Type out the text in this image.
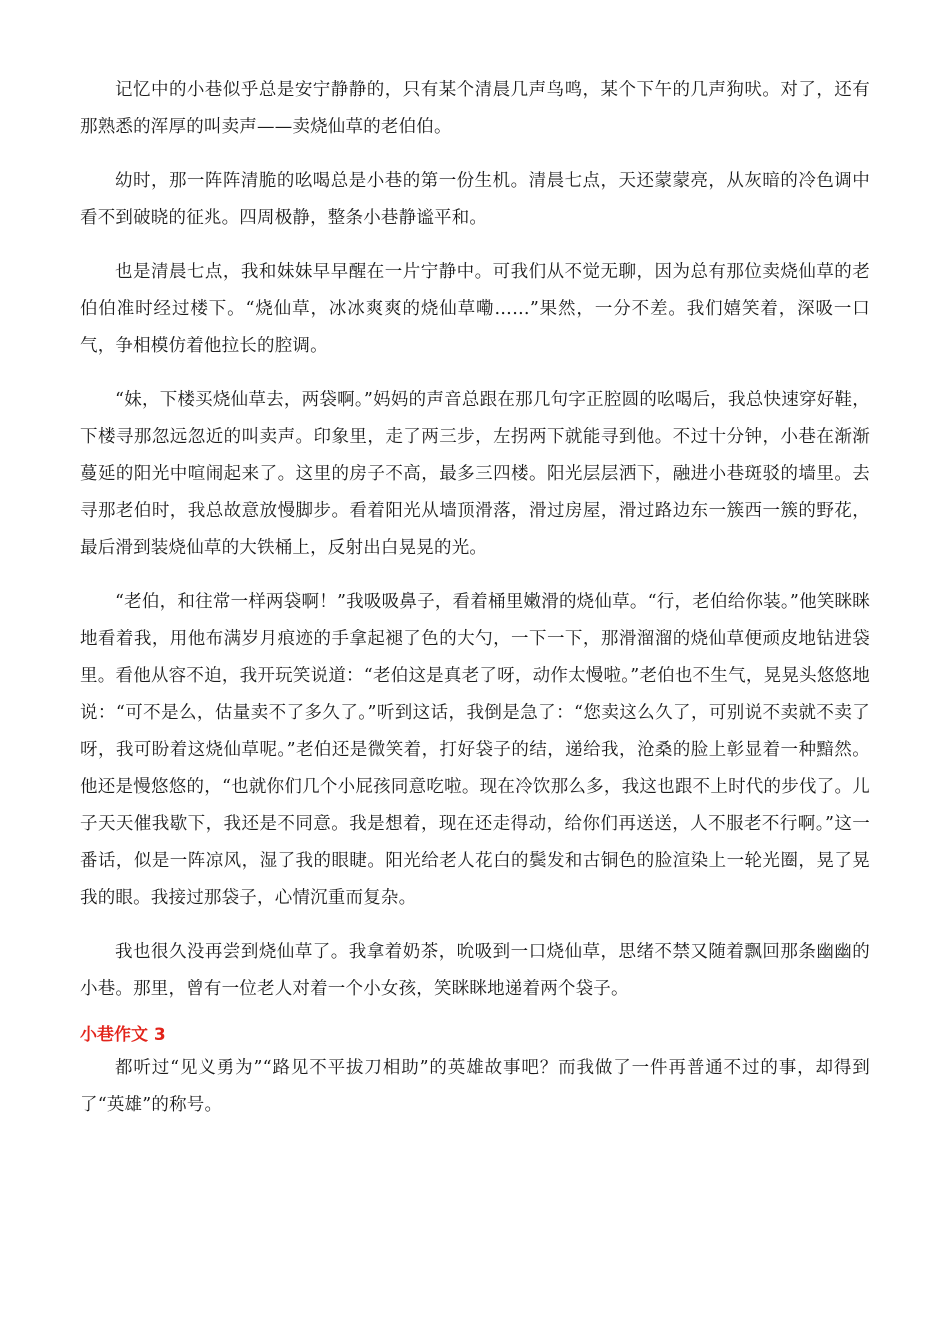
记忆中的小巷似乎总是安宁静静的，只有某个清晨几声鸟鸣，某个下午的几声狗吠。对了，还有那熟悉的浑厚的叫卖声——卖烧仙草的老伯伯。

幼时，那一阵阵清脆的吆喝总是小巷的第一份生机。清晨七点，天还蒙蒙亮，从灰暗的冷色调中看不到破晓的征兆。四周极静，整条小巷静谧平和。

也是清晨七点，我和妹妹早早醒在一片宁静中。可我们从不觉无聊，因为总有那位卖烧仙草的老伯伯准时经过楼下。“烧仙草，冰冰爽爽的烧仙草嘞……”果然，一分不差。我们嬉笑着，深吸一口气，争相模仿着他拉长的腔调。

“妹，下楼买烧仙草去，两袋啊。”妈妈的声音总跟在那几句字正腔圆的吆喝后，我总快速穿好鞋，下楼寻那忽远忽近的叫卖声。印象里，走了两三步，左拐两下就能寻到他。不过十分钟，小巷在渐渐蔓延的阳光中喧闹起来了。这里的房子不高，最多三四楼。阳光层层洒下，融进小巷斑驳的墙里。去寻那老伯时，我总故意放慢脚步。看着阳光从墙顶滑落，滑过房屋，滑过路边东一簇西一簇的野花，最后滑到装烧仙草的大铁桶上，反射出白晃晃的光。

“老伯，和往常一样两袋啊！”我吸吸鼻子，看着桶里嫩滑的烧仙草。“行，老伯给你装。”他笑眯眯地看着我，用他布满岁月痕迹的手拿起褪了色的大勺，一下一下，那滑溜溜的烧仙草便顽皮地钻进袋里。看他从容不迫，我开玩笑说道：“老伯这是真老了呀，动作太慢啦。”老伯也不生气，晃晃头悠悠地说：“可不是么，估量卖不了多久了。”听到这话，我倒是急了：“您卖这么久了，可别说不卖就不卖了呀，我可盼着这烧仙草呢。”老伯还是微笑着，打好袋子的结，递给我，沧桑的脸上彰显着一种黯然。他还是慢悠悠的，“也就你们几个小屁孩同意吃啦。现在冷饮那么多，我这也跟不上时代的步伐了。儿子天天催我歇下，我还是不同意。我是想着，现在还走得动，给你们再送送，人不服老不行啊。”这一番话，似是一阵凉风，湿了我的眼睫。阳光给老人花白的鬓发和古铜色的脸渲染上一轮光圈，晃了晃我的眼。我接过那袋子，心情沉重而复杂。

我也很久没再尝到烧仙草了。我拿着奶茶，吮吸到一口烧仙草，思绪不禁又随着飘回那条幽幽的小巷。那里，曾有一位老人对着一个小女孩，笑眯眯地递着两个袋子。

小巷作文 3

都听过“见义勇为”“路见不平拔刀相助”的英雄故事吧？而我做了一件再普通不过的事，却得到了“英雄”的称号。
